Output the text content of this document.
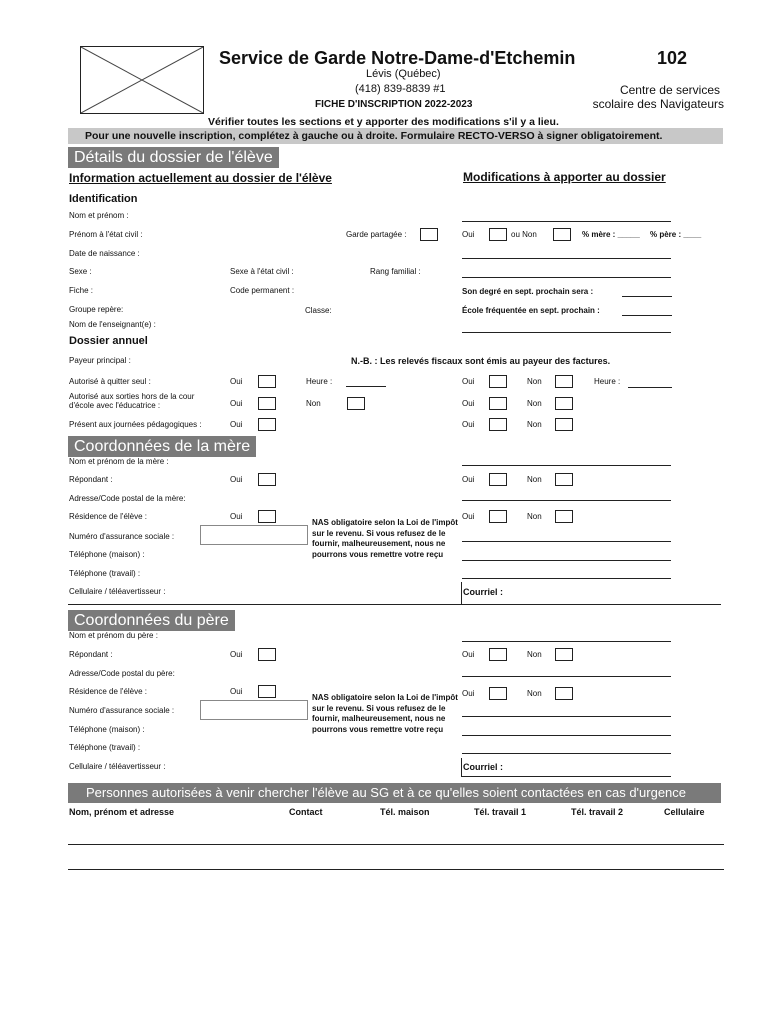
Service de Garde Notre-Dame-d'Etchemin	102
Lévis (Québec)
(418) 839-8839 #1
FICHE D'INSCRIPTION 2022-2023
Centre de services
scolaire des Navigateurs
Vérifier toutes les sections et y apporter des modifications s'il y a lieu.
Pour une nouvelle inscription, complétez à gauche ou à droite. Formulaire RECTO-VERSO à signer obligatoirement.
Détails du dossier de l'élève
Information actuellement au dossier de l'élève	Modifications à apporter au dossier
Identification
Nom et prénom :
Prénom à l'état civil :	Garde partagée :	Oui	ou Non	% mère : _____ % père : ____
Date de naissance :
Sexe :	Sexe à l'état civil :	Rang familial :
Fiche :	Code permanent :	Son degré en sept. prochain sera :
Groupe repère:	Classe:	École fréquentée en sept. prochain :
Nom de l'enseignant(e) :
Dossier annuel
Payeur principal :	N.-B. : Les relevés fiscaux sont émis au payeur des factures.
Autorisé à quitter seul :	Oui	Heure :	Oui	Non	Heure :
Autorisé aux sorties hors de la cour
d'école avec l'éducatrice :	Oui	Non	Oui	Non
Présent aux journées pédagogiques :	Oui	Oui	Non
Coordonnées de la mère
Nom et prénom de la mère :
Répondant :	Oui	Oui	Non
Adresse/Code postal de la mère:
Résidence de l'élève :	Oui	Oui	Non
Numéro d'assurance sociale :
NAS obligatoire selon la Loi de l'impôt sur le revenu. Si vous refusez de le fournir, malheureusement, nous ne pourrons vous remettre votre reçu
Téléphone (maison) :
Téléphone (travail) :
Cellulaire / téléavertisseur :	Courriel :
Coordonnées du père
Nom et prénom du père :
Répondant :	Oui	Oui	Non
Adresse/Code postal du père:
Résidence de l'élève :	Oui	Oui	Non
Numéro d'assurance sociale :
NAS obligatoire selon la Loi de l'impôt sur le revenu. Si vous refusez de le fournir, malheureusement, nous ne pourrons vous remettre votre reçu
Téléphone (maison) :
Téléphone (travail) :
Cellulaire / téléavertisseur :	Courriel :
Personnes autorisées à venir chercher l'élève au SG et à ce qu'elles soient contactées en cas d'urgence
Nom, prénom et adresse	Contact	Tél. maison	Tél. travail 1	Tél. travail 2	Cellulaire
